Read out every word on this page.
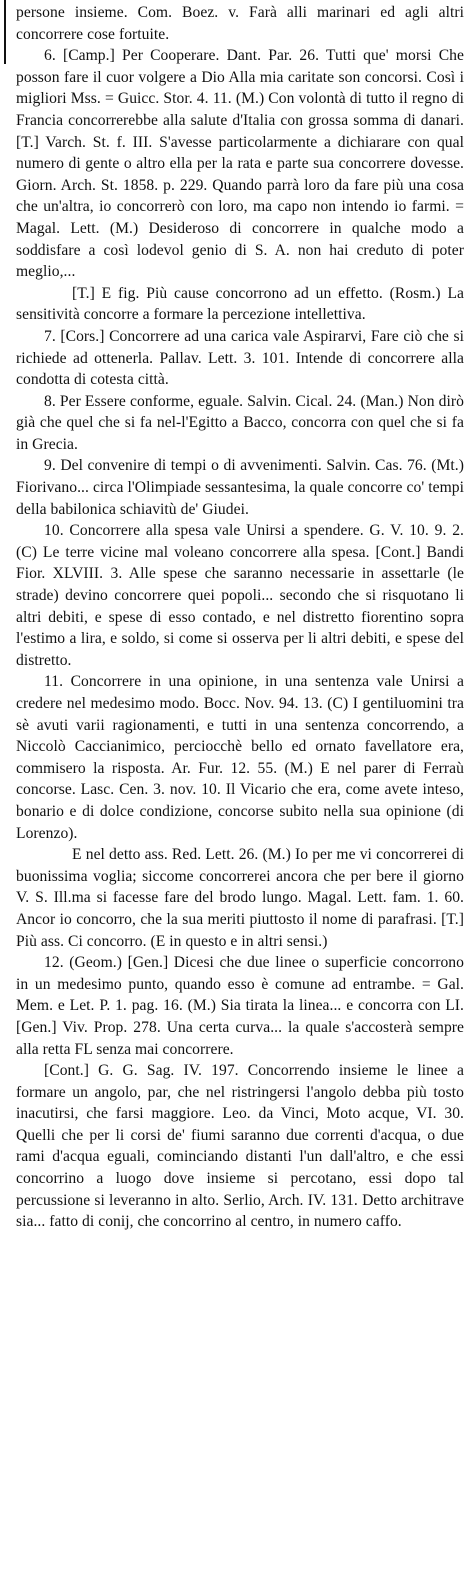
persone insieme. Com. Boez. v. Farà alli marinari ed agli altri concorrere cose fortuite.

6. [Camp.] Per Cooperare. Dant. Par. 26. Tutti que' morsi Che posson fare il cuor volgere a Dio Alla mia caritate son concorsi. Così i migliori Mss. = Guicc. Stor. 4. 11. (M.) Con volontà di tutto il regno di Francia concorrerebbe alla salute d'Italia con grossa somma di danari. [T.] Varch. St. f. III. S'avesse particolarmente a dichiarare con qual numero di gente o altro ella per la rata e parte sua concorrere dovesse. Giorn. Arch. St. 1858. p. 229. Quando parrà loro da fare più una cosa che un'altra, io concorrerò con loro, ma capo non intendo io farmi. = Magal. Lett. (M.) Desideroso di concorrere in qualche modo a soddisfare a così lodevol genio di S. A. non hai creduto di poter meglio,...

[T.] E fig. Più cause concorrono ad un effetto. (Rosm.) La sensitività concorre a formare la percezione intellettiva.

7. [Cors.] Concorrere ad una carica vale Aspirarvi, Fare ciò che si richiede ad ottenerla. Pallav. Lett. 3. 101. Intende di concorrere alla condotta di cotesta città.

8. Per Essere conforme, eguale. Salvin. Cical. 24. (Man.) Non dirò già che quel che si fa nel-l'Egitto a Bacco, concorra con quel che si fa in Grecia.

9. Del convenire di tempi o di avvenimenti. Salvin. Cas. 76. (Mt.) Fiorivano... circa l'Olimpiade sessantesima, la quale concorre co' tempi della babilonica schiavitù de' Giudei.

10. Concorrere alla spesa vale Unirsi a spendere. G. V. 10. 9. 2. (C) Le terre vicine mal voleano concorrere alla spesa. [Cont.] Bandi Fior. XLVIII. 3. Alle spese che saranno necessarie in assettarle (le strade) devino concorrere quei popoli... secondo che si risquotano li altri debiti, e spese di esso contado, e nel distretto fiorentino sopra l'estimo a lira, e soldo, si come si osserva per li altri debiti, e spese del distretto.

11. Concorrere in una opinione, in una sentenza vale Unirsi a credere nel medesimo modo. Bocc. Nov. 94. 13. (C) I gentiluomini tra sè avuti varii ragionamenti, e tutti in una sentenza concorrendo, a Niccolò Caccianimico, perciocchè bello ed ornato favellatore era, commisero la risposta. Ar. Fur. 12. 55. (M.) E nel parer di Ferraù concorse. Lasc. Cen. 3. nov. 10. Il Vicario che era, come avete inteso, bonario e di dolce condizione, concorse subito nella sua opinione (di Lorenzo).

E nel detto ass. Red. Lett. 26. (M.) Io per me vi concorrerei di buonissima voglia; siccome concorrerei ancora che per bere il giorno V. S. Ill.ma si facesse fare del brodo lungo. Magal. Lett. fam. 1. 60. Ancor io concorro, che la sua meriti piuttosto il nome di parafrasi. [T.] Più ass. Ci concorro. (E in questo e in altri sensi.)

12. (Geom.) [Gen.] Dicesi che due linee o superficie concorrono in un medesimo punto, quando esso è comune ad entrambe. = Gal. Mem. e Let. P. 1. pag. 16. (M.) Sia tirata la linea... e concorra con LI. [Gen.] Viv. Prop. 278. Una certa curva... la quale s'accosterà sempre alla retta FL senza mai concorrere.

[Cont.] G. G. Sag. IV. 197. Concorrendo insieme le linee a formare un angolo, par, che nel ristringersi l'angolo debba più tosto inacutirsi, che farsi maggiore. Leo. da Vinci, Moto acque, VI. 30. Quelli che per li corsi de' fiumi saranno due correnti d'acqua, o due rami d'acqua eguali, cominciando distanti l'un dall'altro, e che essi concorrino a luogo dove insieme si percotano, essi dopo tal percussione si leveranno in alto. Serlio, Arch. IV. 131. Detto architrave sia... fatto di conij, che concorrino al centro, in numero caffo.
